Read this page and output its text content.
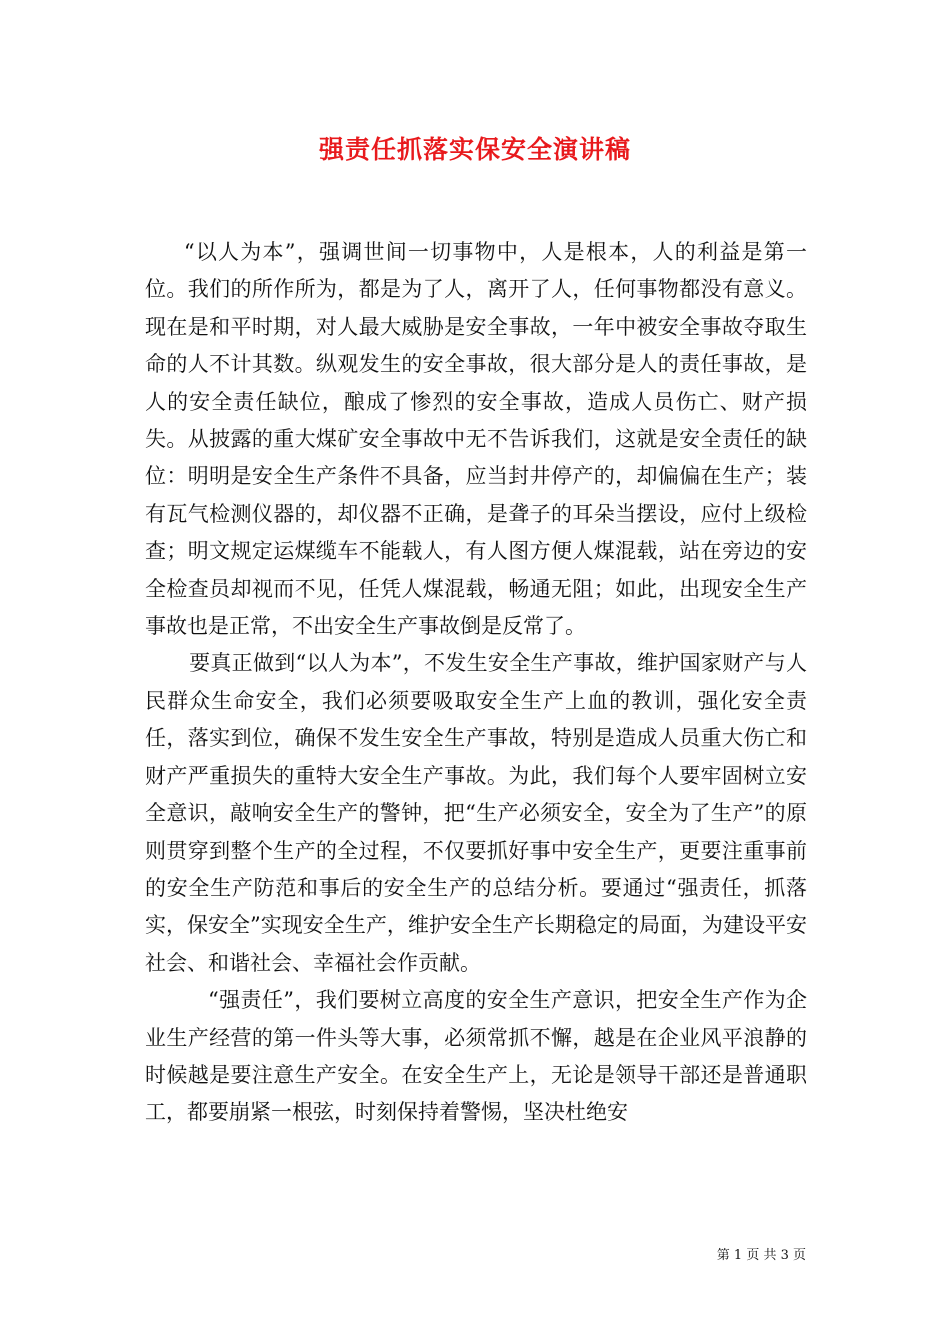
强责任抓落实保安全演讲稿

“以人为本”，强调世间一切事物中，人是根本，人的利益是第一位。我们的所作所为，都是为了人，离开了人，任何事物都没有意义。现在是和平时期，对人最大威胁是安全事故，一年中被安全事故夺取生命的人不计其数。纵观发生的安全事故，很大部分是人的责任事故，是人的安全责任缺位，酿成了惨烈的安全事故，造成人员伤亡、财产损失。从披露的重大煤矿安全事故中无不告诉我们，这就是安全责任的缺位：明明是安全生产条件不具备，应当封井停产的，却偏偏在生产；装有瓦气检测仪器的，却仪器不正确，是聋子的耳朵当摆设，应付上级检查；明文规定运煤缆车不能载人，有人图方便人煤混载，站在旁边的安全检查员却视而不见，任凭人煤混载，畅通无阻；如此，出现安全生产事故也是正常，不出安全生产事故倒是反常了。

要真正做到“以人为本”，不发生安全生产事故，维护国家财产与人民群众生命安全，我们必须要吸取安全生产上血的教训，强化安全责任，落实到位，确保不发生安全生产事故，特别是造成人员重大伤亡和财产严重损失的重特大安全生产事故。为此，我们每个人要牢固树立安全意识，敲响安全生产的警钟，把“生产必须安全，安全为了生产”的原则贯穿到整个生产的全过程，不仅要抓好事中安全生产，更要注重事前的安全生产防范和事后的安全生产的总结分析。要通过“强责任，抓落实，保安全”实现安全生产，维护安全生产长期稳定的局面，为建设平安社会、和谐社会、幸福社会作贡献。

“强责任”，我们要树立高度的安全生产意识，把安全生产作为企业生产经营的第一件头等大事，必须常抓不懈，越是在企业风平浪静的时候越是要注意生产安全。在安全生产上，无论是领导干部还是普通职工，都要崩紧一根弦，时刻保持着警惕，坚决杜绝安

第 1 页 共 3 页
